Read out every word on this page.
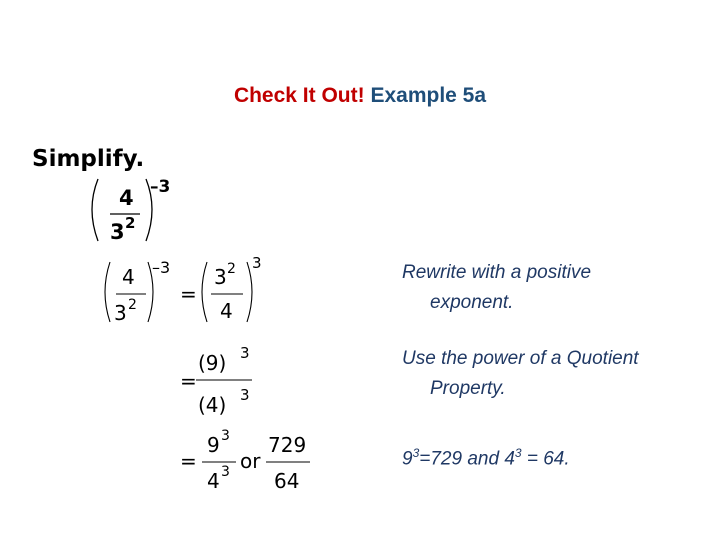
Check It Out! Example 5a
Simplify.
4
3 2
–3
4
3 2
–3
=
3 2
4
3	Rewrite with a positive
exponent.
=
(9) 3
(4) 3
Use the power of a Quotient
Property.
=
9 3
4 3 or
729
64
$9^3=729$ and $4^3 = 64$.
